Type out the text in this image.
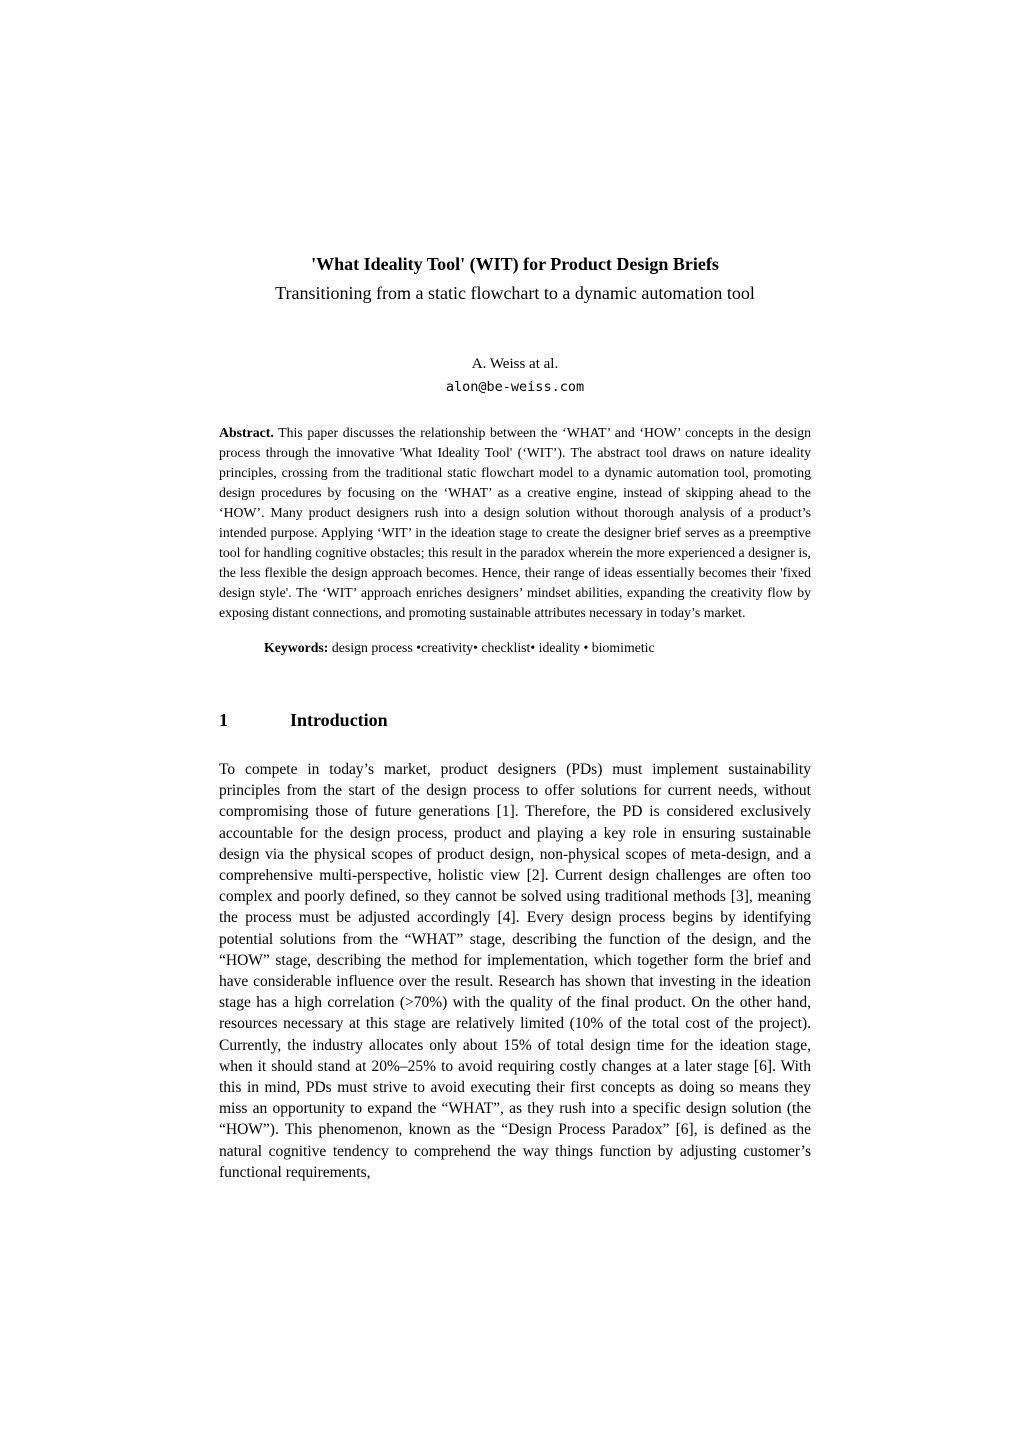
'What Ideality Tool' (WIT) for Product Design Briefs
Transitioning from a static flowchart to a dynamic automation tool
A. Weiss at al.
alon@be-weiss.com

Abstract. This paper discusses the relationship between the ‘WHAT’ and ‘HOW’ concepts in the design process through the innovative 'What Ideality Tool' (‘WIT’). The abstract tool draws on nature ideality principles, crossing from the traditional static flowchart model to a dynamic automation tool, promoting design procedures by focusing on the ‘WHAT’ as a creative engine, instead of skipping ahead to the ‘HOW’. Many product designers rush into a design solution without thorough analysis of a product’s intended purpose. Applying ‘WIT’ in the ideation stage to create the designer brief serves as a preemptive tool for handling cognitive obstacles; this result in the paradox wherein the more experienced a designer is, the less flexible the design approach becomes. Hence, their range of ideas essentially becomes their 'fixed design style'. The ‘WIT’ approach enriches designers’ mindset abilities, expanding the creativity flow by exposing distant connections, and promoting sustainable attributes necessary in today’s market.

Keywords: design process •creativity• checklist• ideality • biomimetic

1	Introduction

To compete in today’s market, product designers (PDs) must implement sustainability principles from the start of the design process to offer solutions for current needs, without compromising those of future generations [1]. Therefore, the PD is considered exclusively accountable for the design process, product and playing a key role in ensuring sustainable design via the physical scopes of product design, non-physical scopes of meta-design, and a comprehensive multi-perspective, holistic view [2]. Current design challenges are often too complex and poorly defined, so they cannot be solved using traditional methods [3], meaning the process must be adjusted accordingly [4]. Every design process begins by identifying potential solutions from the “WHAT” stage, describing the function of the design, and the “HOW” stage, describing the method for implementation, which together form the brief and have considerable influence over the result. Research has shown that investing in the ideation stage has a high correlation (>70%) with the quality of the final product. On the other hand, resources necessary at this stage are relatively limited (10% of the total cost of the project). Currently, the industry allocates only about 15% of total design time for the ideation stage, when it should stand at 20%–25% to avoid requiring costly changes at a later stage [6]. With this in mind, PDs must strive to avoid executing their first concepts as doing so means they miss an opportunity to expand the “WHAT”, as they rush into a specific design solution (the “HOW”). This phenomenon, known as the “Design Process Paradox” [6], is defined as the natural cognitive tendency to comprehend the way things function by adjusting customer’s functional requirements,
